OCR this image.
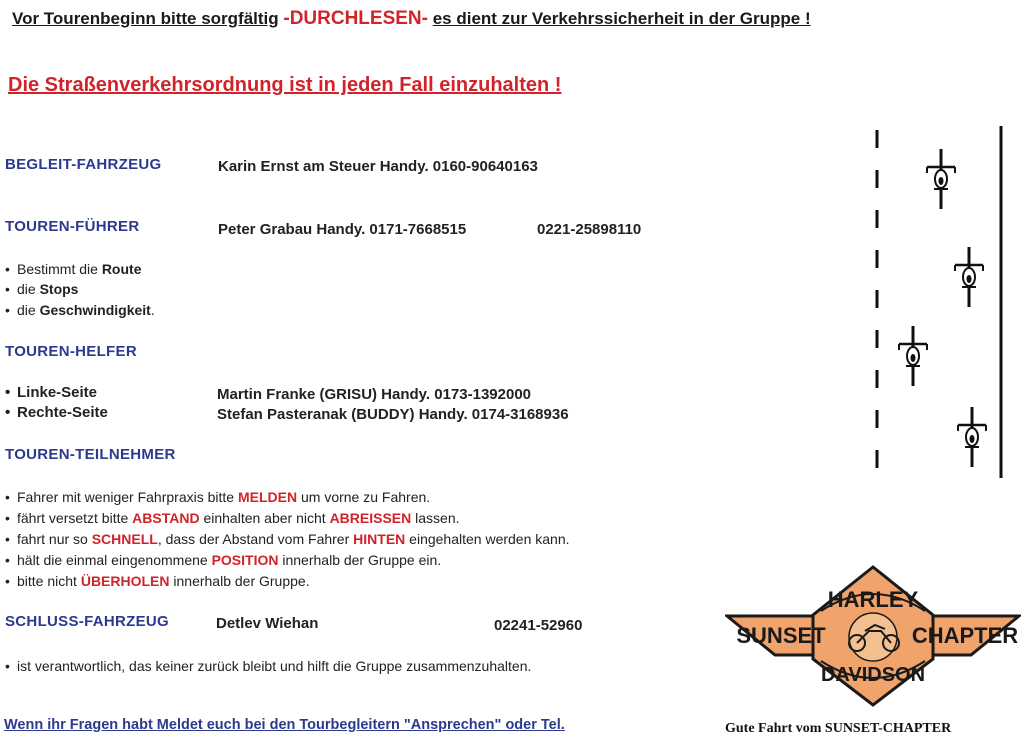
Vor Tourenbeginn bitte sorgfältig -DURCHLESEN- es dient zur Verkehrssicherheit in der Gruppe !
Die Straßenverkehrsordnung ist in jeden Fall einzuhalten !
BEGLEIT-FAHRZEUG	Karin Ernst am Steuer Handy. 0160-90640163
TOUREN-FÜHRER	Peter Grabau Handy. 0171-7668515	0221-25898110
• Bestimmt die Route
• die Stops
• die Geschwindigkeit.
TOUREN-HELFER
• Linke-Seite	Martin Franke (GRISU) Handy. 0173-1392000
• Rechte-Seite	Stefan Pasteranak (BUDDY) Handy. 0174-3168936
TOUREN-TEILNEHMER
• Fahrer mit weniger Fahrpraxis bitte MELDEN um vorne zu Fahren.
• fährt versetzt bitte ABSTAND einhalten aber nicht ABREISSEN lassen.
• fahrt nur so SCHNELL, dass der Abstand vom Fahrer HINTEN eingehalten werden kann.
• hält die einmal eingenommene POSITION innerhalb der Gruppe ein.
• bitte nicht ÜBERHOLEN innerhalb der Gruppe.
SCHLUSS-FAHRZEUG	Detlev Wiehan	02241-52960
• ist verantwortlich, das keiner zurück bleibt und hilft die Gruppe zusammenzuhalten.
Wenn ihr Fragen habt Meldet euch bei den Tourbegleitern "Ansprechen" oder Tel.	Gute Fahrt vom SUNSET-CHAPTER
HARLEY
SUNSET	CHAPTER
DAVIDSON
